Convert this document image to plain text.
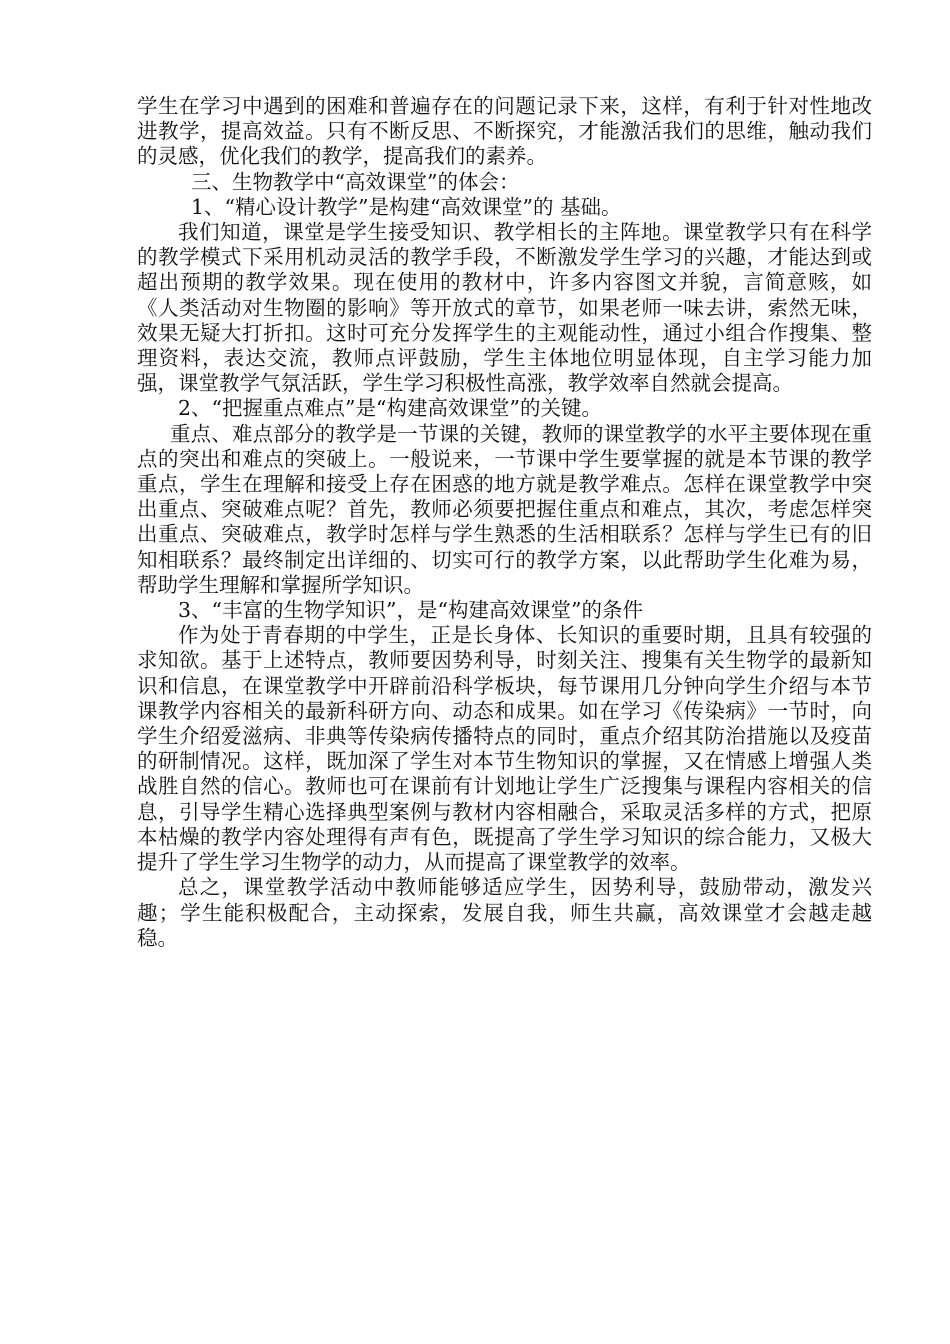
学生在学习中遇到的困难和普遍存在的问题记录下来，这样，有利于针对性地改进教学，提高效益。只有不断反思、不断探究，才能激活我们的思维，触动我们的灵感，优化我们的教学，提高我们的素养。

三、生物教学中“高效课堂”的体会：

1、“精心设计教学”是构建“高效课堂”的 基础。

我们知道，课堂是学生接受知识、教学相长的主阵地。课堂教学只有在科学的教学模式下采用机动灵活的教学手段，不断激发学生学习的兴趣，才能达到或超出预期的教学效果。现在使用的教材中，许多内容图文并貌，言简意赅，如《人类活动对生物圈的影响》等开放式的章节，如果老师一味去讲，索然无味，效果无疑大打折扣。这时可充分发挥学生的主观能动性，通过小组合作搜集、整理资料，表达交流，教师点评鼓励，学生主体地位明显体现，自主学习能力加强，课堂教学气氛活跃，学生学习积极性高涨，教学效率自然就会提高。

2、“把握重点难点”是“构建高效课堂”的关键。

重点、难点部分的教学是一节课的关键，教师的课堂教学的水平主要体现在重点的突出和难点的突破上。一般说来，一节课中学生要掌握的就是本节课的教学重点，学生在理解和接受上存在困惑的地方就是教学难点。怎样在课堂教学中突出重点、突破难点呢？首先，教师必须要把握住重点和难点，其次，考虑怎样突出重点、突破难点，教学时怎样与学生熟悉的生活相联系？怎样与学生已有的旧知相联系？最终制定出详细的、切实可行的教学方案，以此帮助学生化难为易，帮助学生理解和掌握所学知识。

3、“丰富的生物学知识”，是“构建高效课堂”的条件

作为处于青春期的中学生，正是长身体、长知识的重要时期，且具有较强的求知欲。基于上述特点，教师要因势利导，时刻关注、搜集有关生物学的最新知识和信息，在课堂教学中开辟前沿科学板块，每节课用几分钟向学生介绍与本节课教学内容相关的最新科研方向、动态和成果。如在学习《传染病》一节时，向学生介绍爱滋病、非典等传染病传播特点的同时，重点介绍其防治措施以及疫苗的研制情况。这样，既加深了学生对本节生物知识的掌握，又在情感上增强人类战胜自然的信心。教师也可在课前有计划地让学生广泛搜集与课程内容相关的信息，引导学生精心选择典型案例与教材内容相融合，采取灵活多样的方式，把原本枯燥的教学内容处理得有声有色，既提高了学生学习知识的综合能力，又极大提升了学生学习生物学的动力，从而提高了课堂教学的效率。

总之，课堂教学活动中教师能够适应学生，因势利导，鼓励带动，激发兴趣；学生能积极配合，主动探索，发展自我，师生共赢，高效课堂才会越走越稳。
